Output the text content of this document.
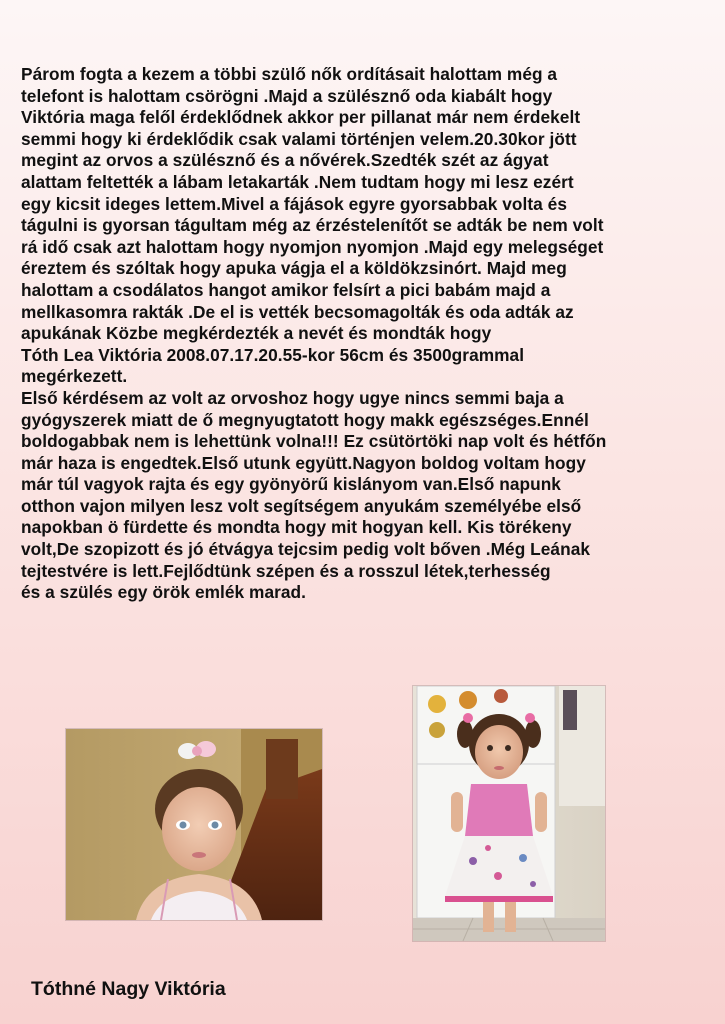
Párom fogta a kezem a többi szülő nők ordításait halottam még a
telefont is halottam csörögni .Majd a szülésznő oda kiabált hogy
Viktória maga felől érdeklődnek akkor per pillanat már nem érdekelt
semmi hogy ki érdeklődik csak valami történjen velem.20.30kor jött
megint az orvos a szülésznő és a nővérek.Szedték szét az ágyat
alattam feltették a lábam letakarták .Nem tudtam hogy mi lesz ezért
egy kicsit ideges lettem.Mivel a fájások egyre gyorsabbak volta és
tágulni is gyorsan tágultam még az érzéstelenítőt se adták be nem volt
rá idő csak azt halottam hogy nyomjon nyomjon .Majd egy melegséget
éreztem és szóltak hogy apuka vágja el a köldökzsinórt. Majd meg
halottam a csodálatos hangot amikor felsírt a pici babám majd a
mellkasomra rakták .De el is vették becsomagolták és oda adták az
apukának Közbe megkérdezték a nevét és mondták hogy
Tóth Lea Viktória 2008.07.17.20.55-kor 56cm és 3500grammal
megérkezett.
Első kérdésem az volt az orvoshoz hogy ugye nincs semmi baja a
gyógyszerek miatt de ő megnyugtatott hogy makk egészséges.Ennél
boldogabbak nem is lehettünk volna!!! Ez csütörtöki nap volt és hétfőn
már haza is engedtek.Első utunk együtt.Nagyon boldog voltam hogy
már túl vagyok rajta és egy gyönyörű kislányom van.Első napunk
otthon vajon milyen lesz volt segítségem anyukám személyébe első
napokban ö fürdette és mondta hogy mit hogyan kell. Kis törékeny
volt,De szopizott és jó étvágya tejcsim pedig volt bőven .Még Leának
tejtestvére is lett.Fejlődtünk szépen és a rosszul létek,terhesség
és a szülés egy örök emlék marad.

Tóthné Nagy Viktória
